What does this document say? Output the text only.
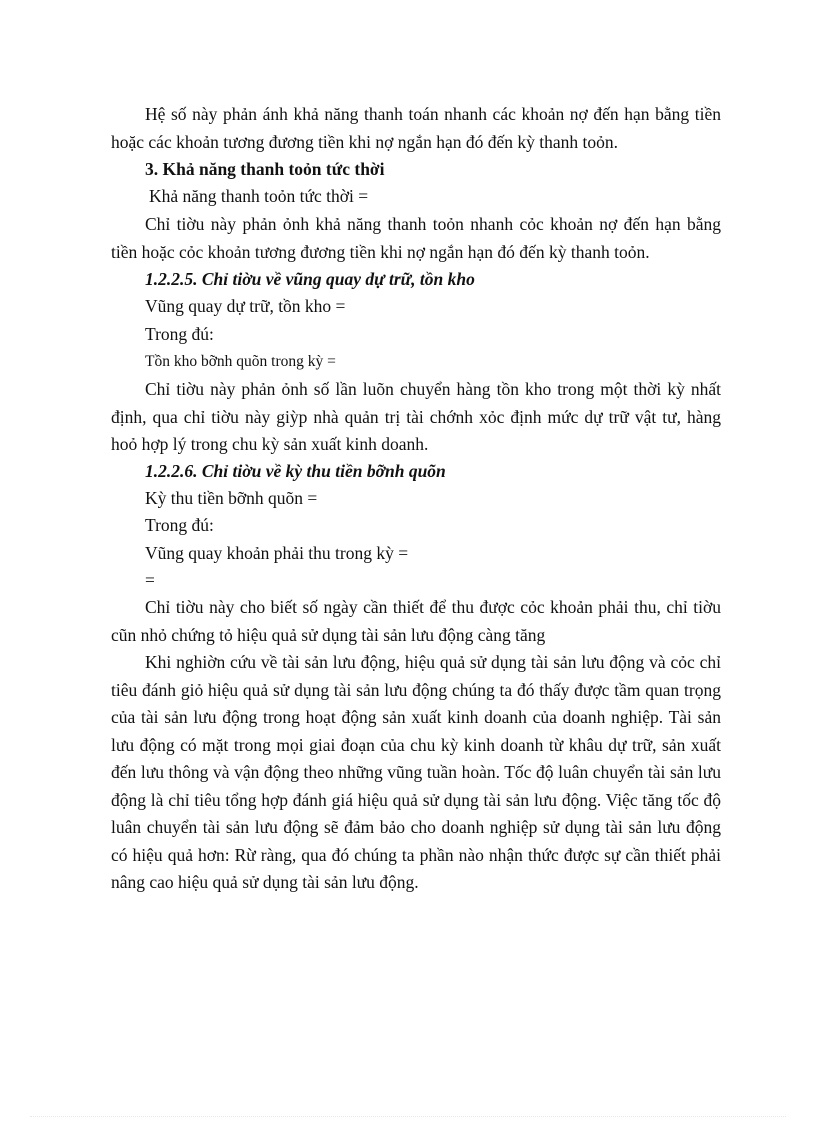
Hệ số này phản ánh khả năng thanh toán nhanh các khoản nợ đến hạn bằng tiền hoặc các khoản tương đương tiền khi nợ ngắn hạn đó đến kỳ thanh toỏn.

3. Khả năng thanh toỏn tức thời
Khả năng thanh toỏn tức thời =

Chỉ tiờu này phản ỏnh khả năng thanh toỏn nhanh cỏc khoản nợ đến hạn bằng tiền hoặc cỏc khoản tương đương tiền khi nợ ngắn hạn đó đến kỳ thanh toỏn.

1.2.2.5. Chỉ tiờu về vũng quay dự trữ, tồn kho
Vũng quay dự trữ, tồn kho =
Trong đú:
Tồn kho bỡnh quõn trong kỳ =

Chỉ tiờu này phản ỏnh số lần luõn chuyển hàng tồn kho trong một thời kỳ nhất định, qua chỉ tiờu này giỳp nhà quản trị tài chớnh xỏc định mức dự trữ vật tư, hàng hoỏ hợp lý trong chu kỳ sản xuất kinh doanh.

1.2.2.6. Chỉ tiờu về kỳ thu tiền bỡnh quõn
Kỳ thu tiền bỡnh quõn =
Trong đú:
Vũng quay khoản phải thu trong kỳ =
=

Chỉ tiờu này cho biết số ngày cần thiết để thu được cỏc khoản phải thu, chỉ tiờu cũn nhỏ chứng tỏ hiệu quả sử dụng tài sản lưu động càng tăng

Khi nghiờn cứu về tài sản lưu động, hiệu quả sử dụng tài sản lưu động và cỏc chỉ tiêu đánh giỏ hiệu quả sử dụng tài sản lưu động chúng ta đó thấy được tầm quan trọng của tài sản lưu động trong hoạt động sản xuất kinh doanh của doanh nghiệp. Tài sản lưu động có mặt trong mọi giai đoạn của chu kỳ kinh doanh từ khâu dự trữ, sản xuất đến lưu thông và vận động theo những vũng tuần hoàn. Tốc độ luân chuyển tài sản lưu động là chỉ tiêu tổng hợp đánh giá hiệu quả sử dụng tài sản lưu động. Việc tăng tốc độ luân chuyển tài sản lưu động sẽ đảm bảo cho doanh nghiệp sử dụng tài sản lưu động có hiệu quả hơn: Rừ ràng, qua đó chúng ta phần nào nhận thức được sự cần thiết phải nâng cao hiệu quả sử dụng tài sản lưu động.
